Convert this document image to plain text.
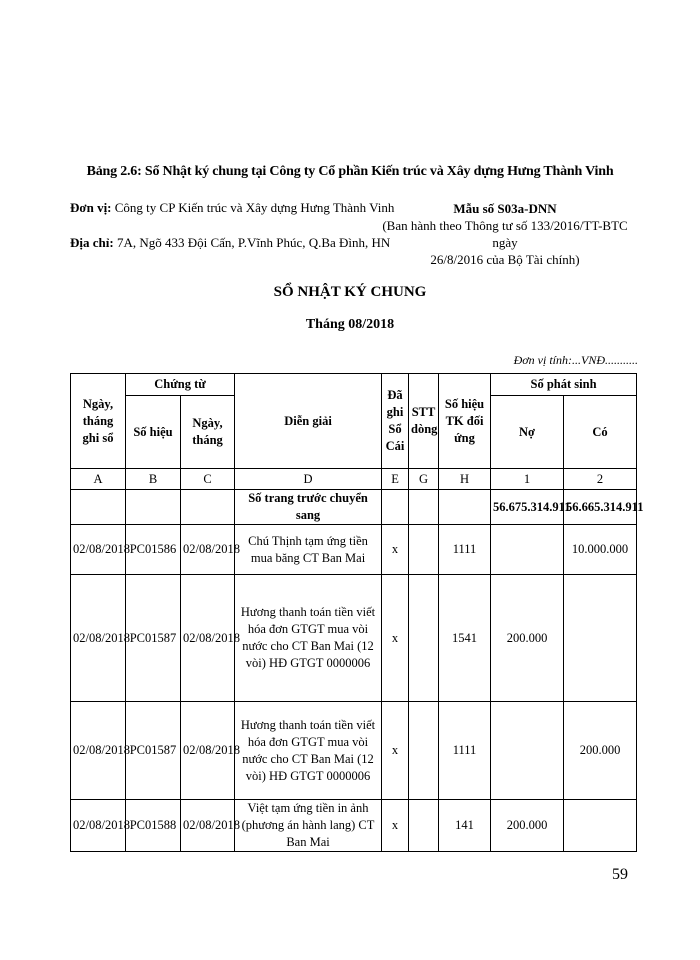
Bảng 2.6: Sổ Nhật ký chung tại Công ty Cổ phần Kiến trúc và Xây dựng Hưng Thành Vinh
Đơn vị: Công ty CP Kiến trúc và Xây dựng Hưng Thành Vinh
Địa chỉ: 7A, Ngõ 433 Đội Cấn, P.Vĩnh Phúc, Q.Ba Đình, HN
Mẫu số S03a-DNN
(Ban hành theo Thông tư số 133/2016/TT-BTC ngày
26/8/2016 của Bộ Tài chính)
SỔ NHẬT KÝ CHUNG
Tháng 08/2018
Đơn vị tính:...VNĐ...........
Ngày, tháng ghi sổ	Chứng từ		Diễn giải	Đã ghi Sổ Cái	STT dòng	Số hiệu TK đối ứng	Số phát sinh	
	Số hiệu	Ngày, tháng					Nợ	Có
A	B	C	D	E	G	H	1	2
			Số trang trước chuyển sang				56.675.314.911	56.665.314.911
02/08/2018	PC01586	02/08/2018	Chú Thịnh tạm ứng tiền mua băng CT Ban Mai	x		1111		10.000.000
02/08/2018	PC01587	02/08/2018	Hương thanh toán tiền viết hóa đơn GTGT mua vòi nước cho CT Ban Mai (12 vòi) HĐ GTGT 0000006	x		1541	200.000	
02/08/2018	PC01587	02/08/2018	Hương thanh toán tiền viết hóa đơn GTGT mua vòi nước cho CT Ban Mai (12 vòi) HĐ GTGT 0000006	x		1111		200.000
02/08/2018	PC01588	02/08/2018	Việt tạm ứng tiền in ảnh (phương án hành lang) CT Ban Mai	x		141	200.000	
59
